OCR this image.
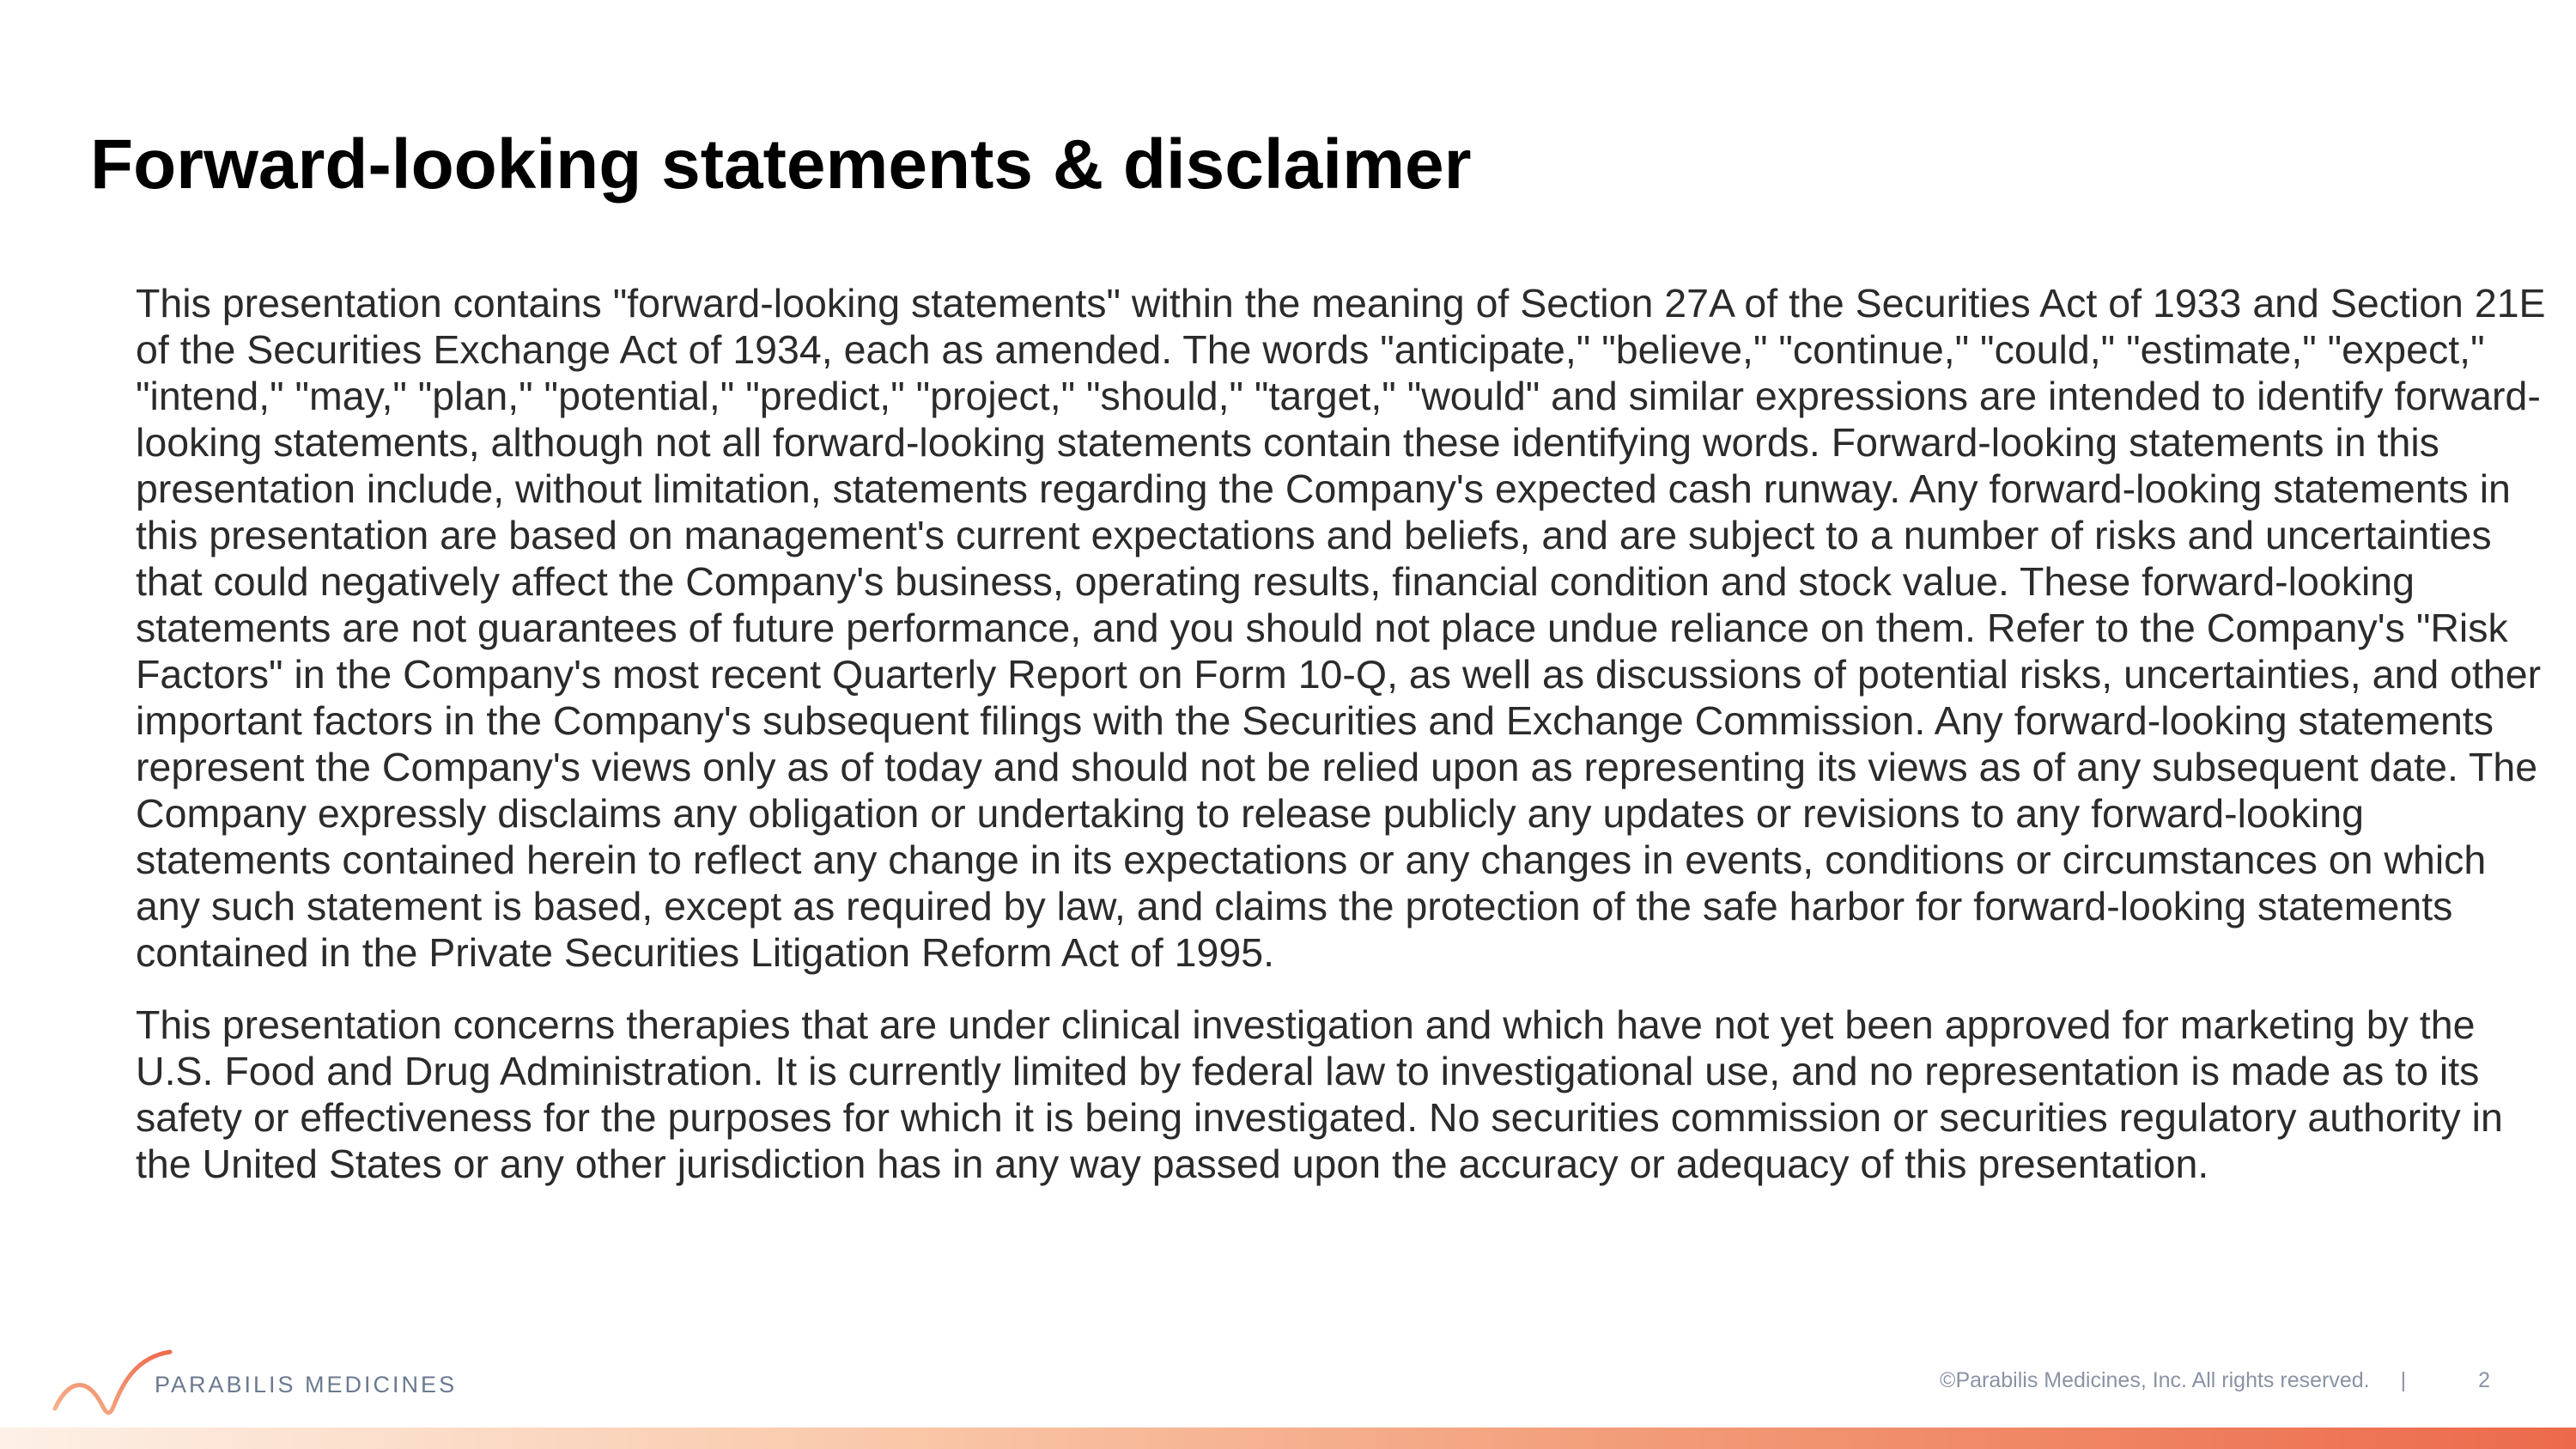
Forward-looking statements & disclaimer

This presentation contains "forward-looking statements" within the meaning of Section 27A of the Securities Act of 1933 and Section 21E of the Securities Exchange Act of 1934, each as amended. The words "anticipate," "believe," "continue," "could," "estimate," "expect," "intend," "may," "plan," "potential," "predict," "project," "should," "target," "would" and similar expressions are intended to identify forward-looking statements, although not all forward-looking statements contain these identifying words. Forward-looking statements in this presentation include, without limitation, statements regarding the Company's expected cash runway. Any forward-looking statements in this presentation are based on management's current expectations and beliefs, and are subject to a number of risks and uncertainties that could negatively affect the Company's business, operating results, financial condition and stock value. These forward-looking statements are not guarantees of future performance, and you should not place undue reliance on them. Refer to the Company's "Risk Factors" in the Company's most recent Quarterly Report on Form 10-Q, as well as discussions of potential risks, uncertainties, and other important factors in the Company's subsequent filings with the Securities and Exchange Commission. Any forward-looking statements represent the Company's views only as of today and should not be relied upon as representing its views as of any subsequent date. The Company expressly disclaims any obligation or undertaking to release publicly any updates or revisions to any forward-looking statements contained herein to reflect any change in its expectations or any changes in events, conditions or circumstances on which any such statement is based, except as required by law, and claims the protection of the safe harbor for forward-looking statements contained in the Private Securities Litigation Reform Act of 1995.

This presentation concerns therapies that are under clinical investigation and which have not yet been approved for marketing by the U.S. Food and Drug Administration. It is currently limited by federal law to investigational use, and no representation is made as to its safety or effectiveness for the purposes for which it is being investigated. No securities commission or securities regulatory authority in the United States or any other jurisdiction has in any way passed upon the accuracy or adequacy of this presentation.

PARABILIS MEDICINES	©Parabilis Medicines, Inc. All rights reserved. |	2
